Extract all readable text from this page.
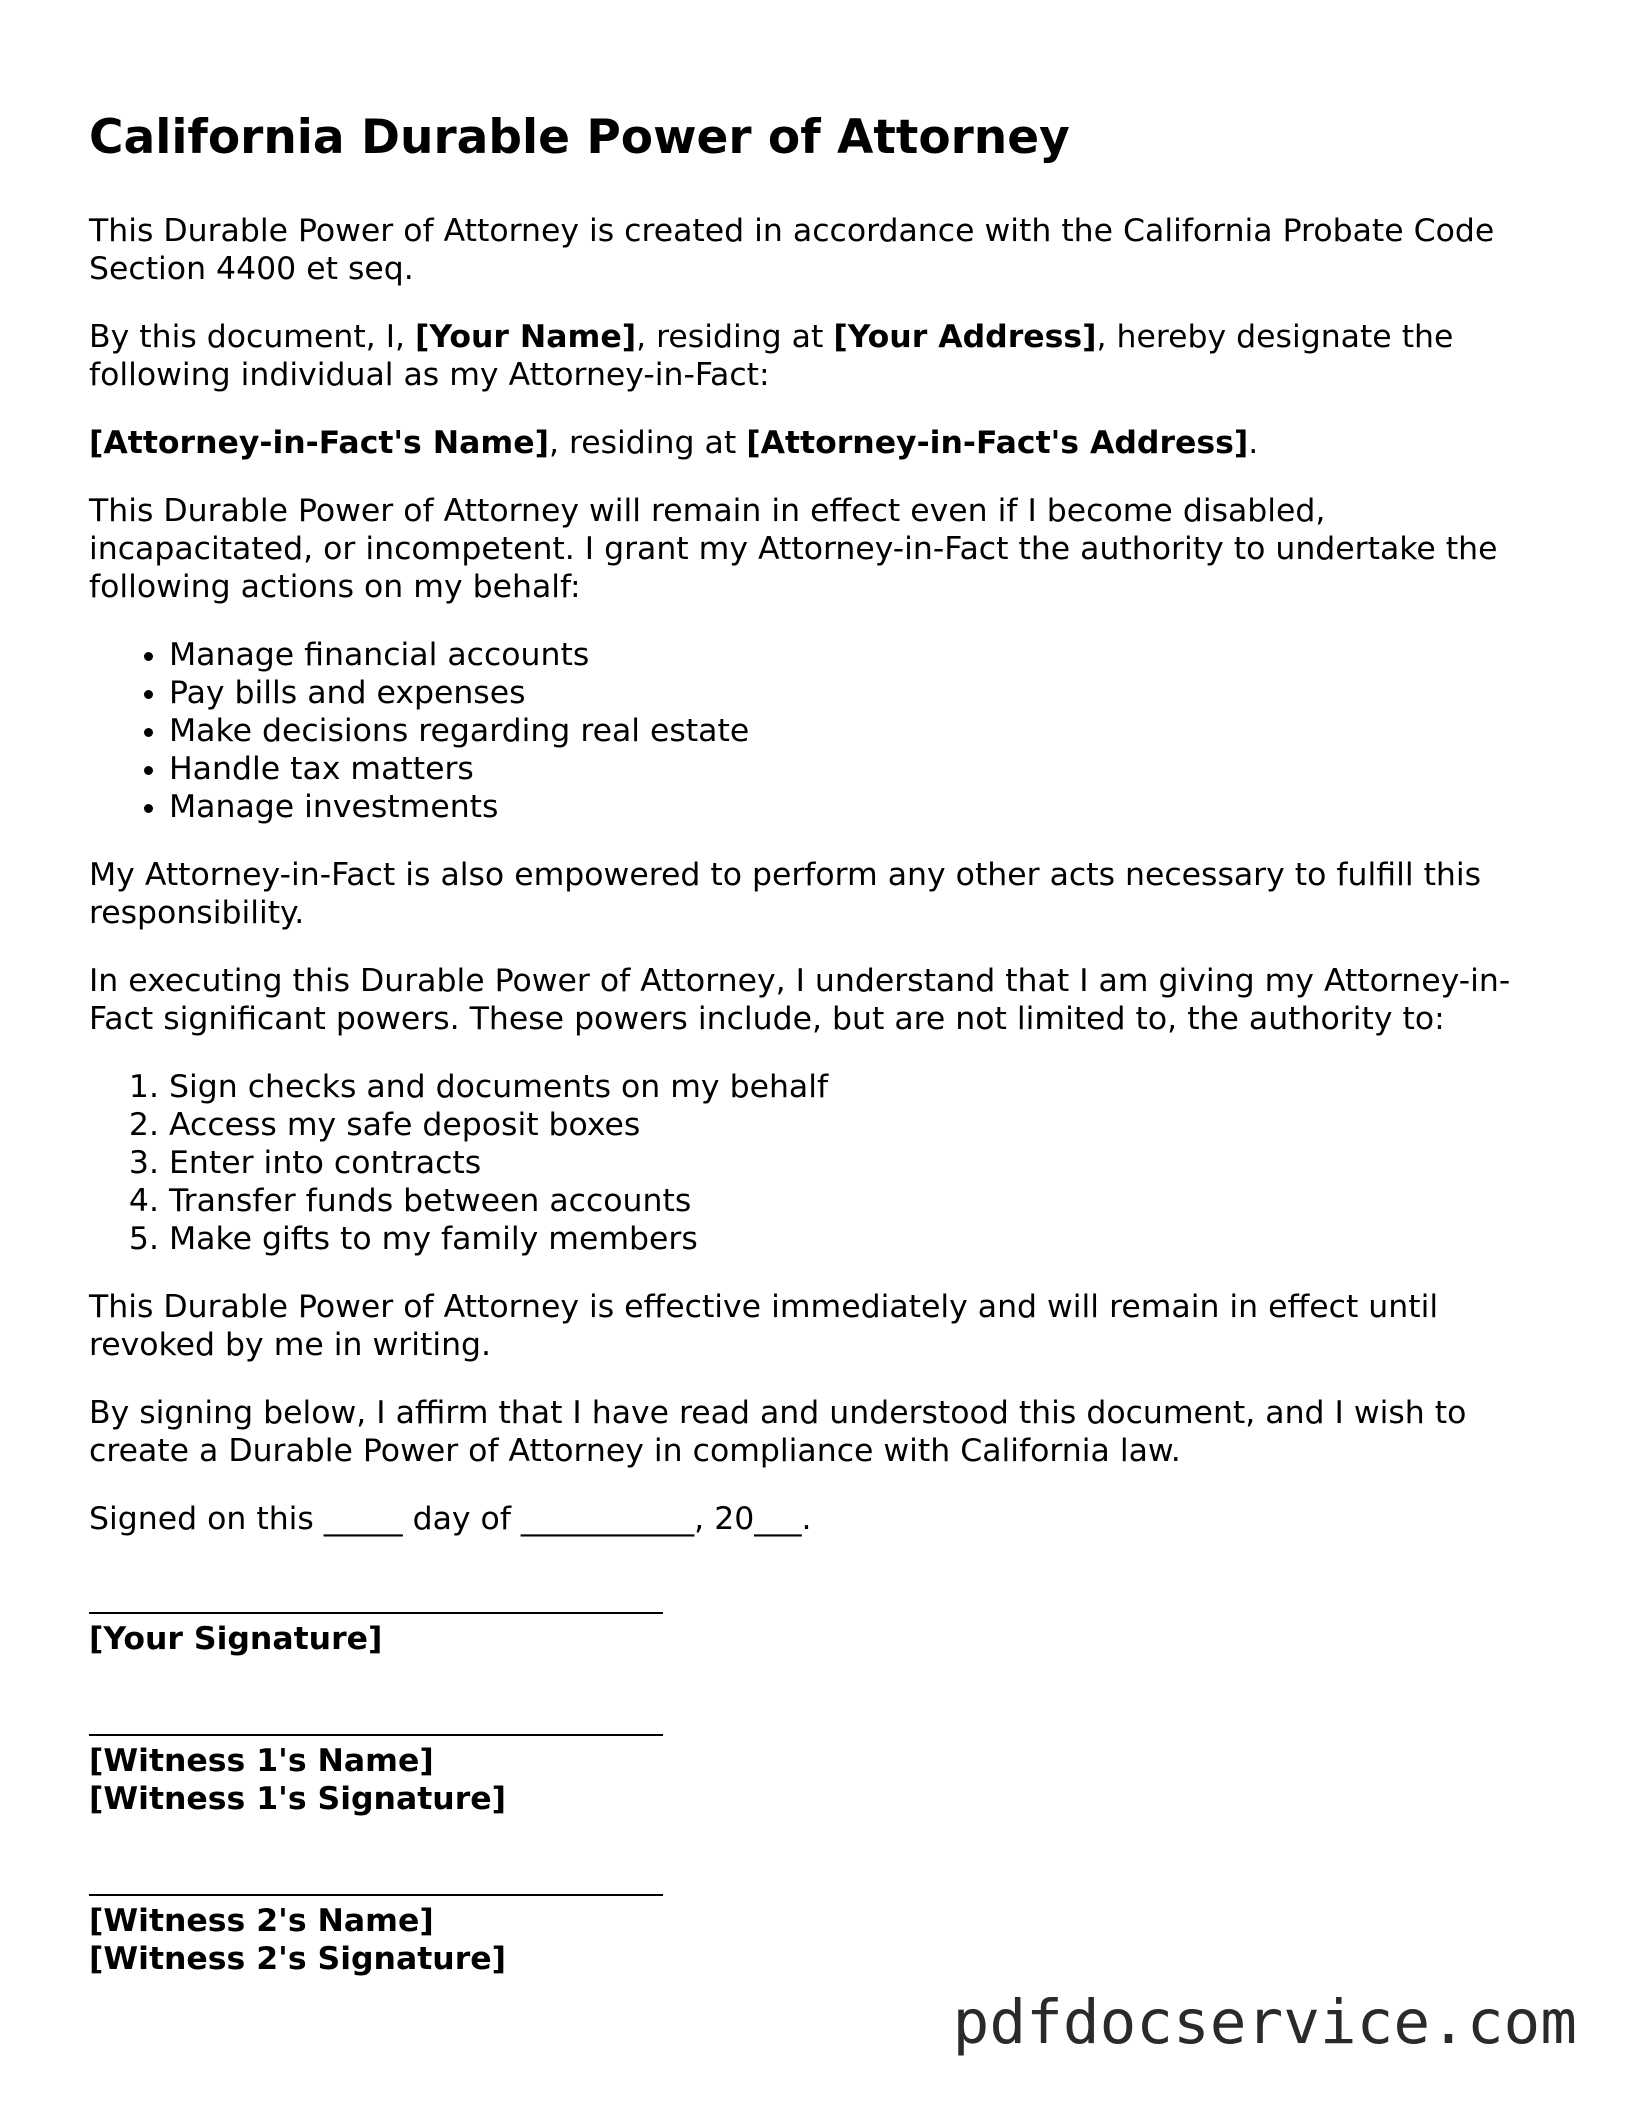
California Durable Power of Attorney

This Durable Power of Attorney is created in accordance with the California Probate Code Section 4400 et seq.

By this document, I, [Your Name], residing at [Your Address], hereby designate the following individual as my Attorney-in-Fact:

[Attorney-in-Fact's Name], residing at [Attorney-in-Fact's Address].

This Durable Power of Attorney will remain in effect even if I become disabled, incapacitated, or incompetent. I grant my Attorney-in-Fact the authority to undertake the following actions on my behalf:

• Manage financial accounts
• Pay bills and expenses
• Make decisions regarding real estate
• Handle tax matters
• Manage investments

My Attorney-in-Fact is also empowered to perform any other acts necessary to fulfill this responsibility.

In executing this Durable Power of Attorney, I understand that I am giving my Attorney-in-Fact significant powers. These powers include, but are not limited to, the authority to:

1. Sign checks and documents on my behalf
2. Access my safe deposit boxes
3. Enter into contracts
4. Transfer funds between accounts
5. Make gifts to my family members

This Durable Power of Attorney is effective immediately and will remain in effect until revoked by me in writing.

By signing below, I affirm that I have read and understood this document, and I wish to create a Durable Power of Attorney in compliance with California law.

Signed on this _____ day of ___________, 20___.

[Your Signature]
[Witness 1's Name]
[Witness 1's Signature]
[Witness 2's Name]
[Witness 2's Signature]
pdfdocservice.com
